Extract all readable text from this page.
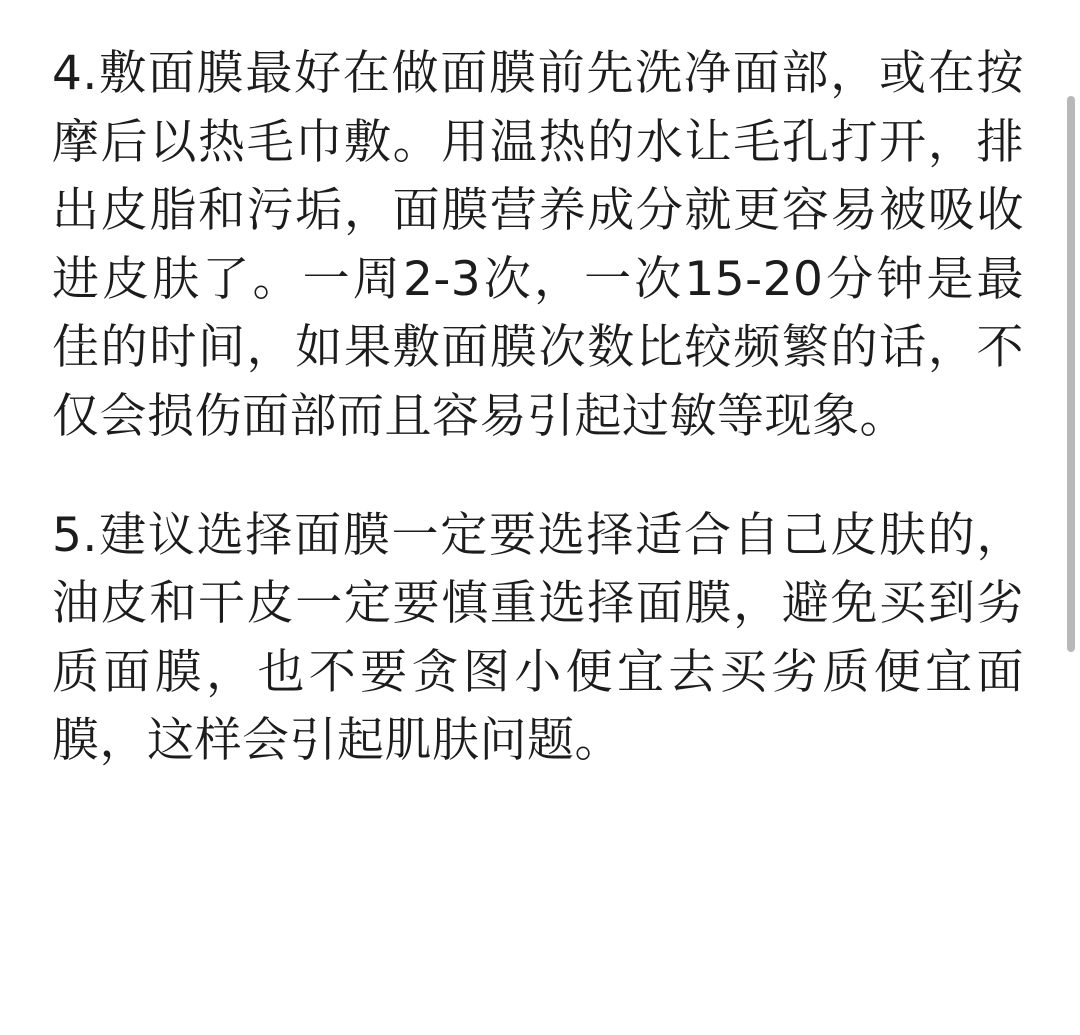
4.敷面膜最好在做面膜前先洗净面部，或在按摩后以热毛巾敷。用温热的水让毛孔打开，排出皮脂和污垢，面膜营养成分就更容易被吸收进皮肤了。一周2-3次，一次15-20分钟是最佳的时间，如果敷面膜次数比较频繁的话，不仅会损伤面部而且容易引起过敏等现象。

5.建议选择面膜一定要选择适合自己皮肤的，油皮和干皮一定要慎重选择面膜，避免买到劣质面膜，也不要贪图小便宜去买劣质便宜面膜，这样会引起肌肤问题。
